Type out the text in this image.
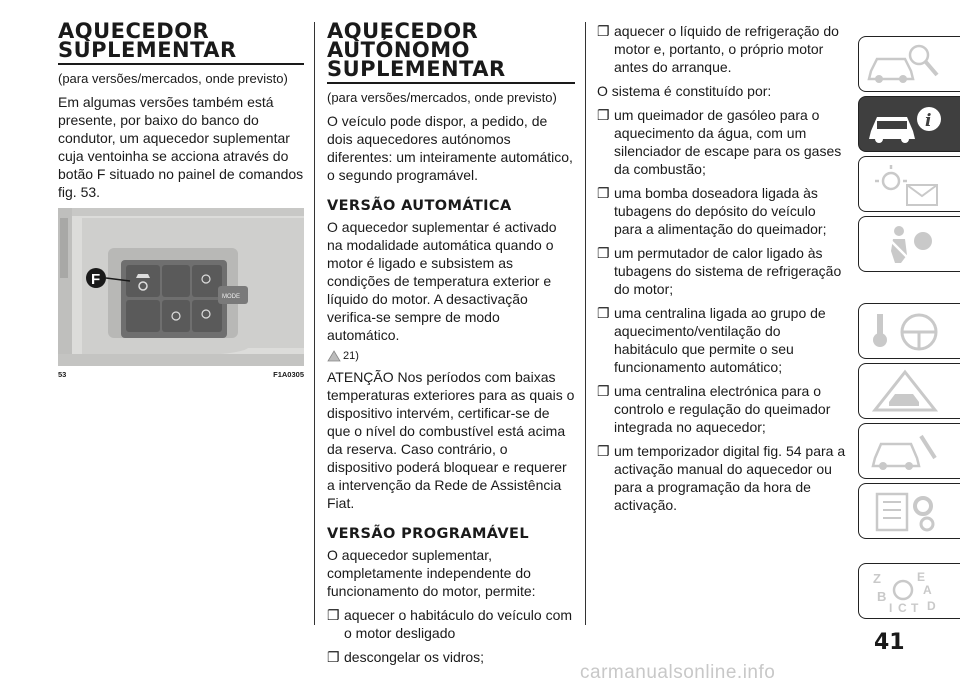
AQUECEDOR SUPLEMENTAR
(para versões/mercados, onde previsto)

Em algumas versões também está presente, por baixo do banco do condutor, um aquecedor suplementar cuja ventoinha se acciona através do botão F situado no painel de comandos fig. 53.

MODE
F
53	F1A0305
AQUECEDOR AUTÓNOMO SUPLEMENTAR
(para versões/mercados, onde previsto)

O veículo pode dispor, a pedido, de dois aquecedores autónomos diferentes: um inteiramente automático, o segundo programável.

VERSÃO AUTOMÁTICA

O aquecedor suplementar é activado na modalidade automática quando o motor é ligado e subsistem as condições de temperatura exterior e líquido do motor. A desactivação verifica-se sempre de modo automático.

21)

ATENÇÃO Nos períodos com baixas temperaturas exteriores para as quais o dispositivo intervém, certificar-se de que o nível do combustível está acima da reserva. Caso contrário, o dispositivo poderá bloquear e requerer a intervenção da Rede de Assistência Fiat.

VERSÃO PROGRAMÁVEL

O aquecedor suplementar, completamente independente do funcionamento do motor, permite:

❐ aquecer o habitáculo do veículo com o motor desligado
❐ descongelar os vidros;
❐ aquecer o líquido de refrigeração do motor e, portanto, o próprio motor antes do arranque.

O sistema é constituído por:

❐ um queimador de gasóleo para o aquecimento da água, com um silenciador de escape para os gases da combustão;
❐ uma bomba doseadora ligada às tubagens do depósito do veículo para a alimentação do queimador;
❐ um permutador de calor ligado às tubagens do sistema de refrigeração do motor;
❐ uma centralina ligada ao grupo de aquecimento/ventilação do habitáculo que permite o seu funcionamento automático;
❐ uma centralina electrónica para o controlo e regulação do queimador integrada no aquecedor;
❐ um temporizador digital fig. 54 para a activação manual do aquecedor ou para a programação da hora de activação.
i
Z	E
A
B
I C T D
41
carmanualsonline.info
